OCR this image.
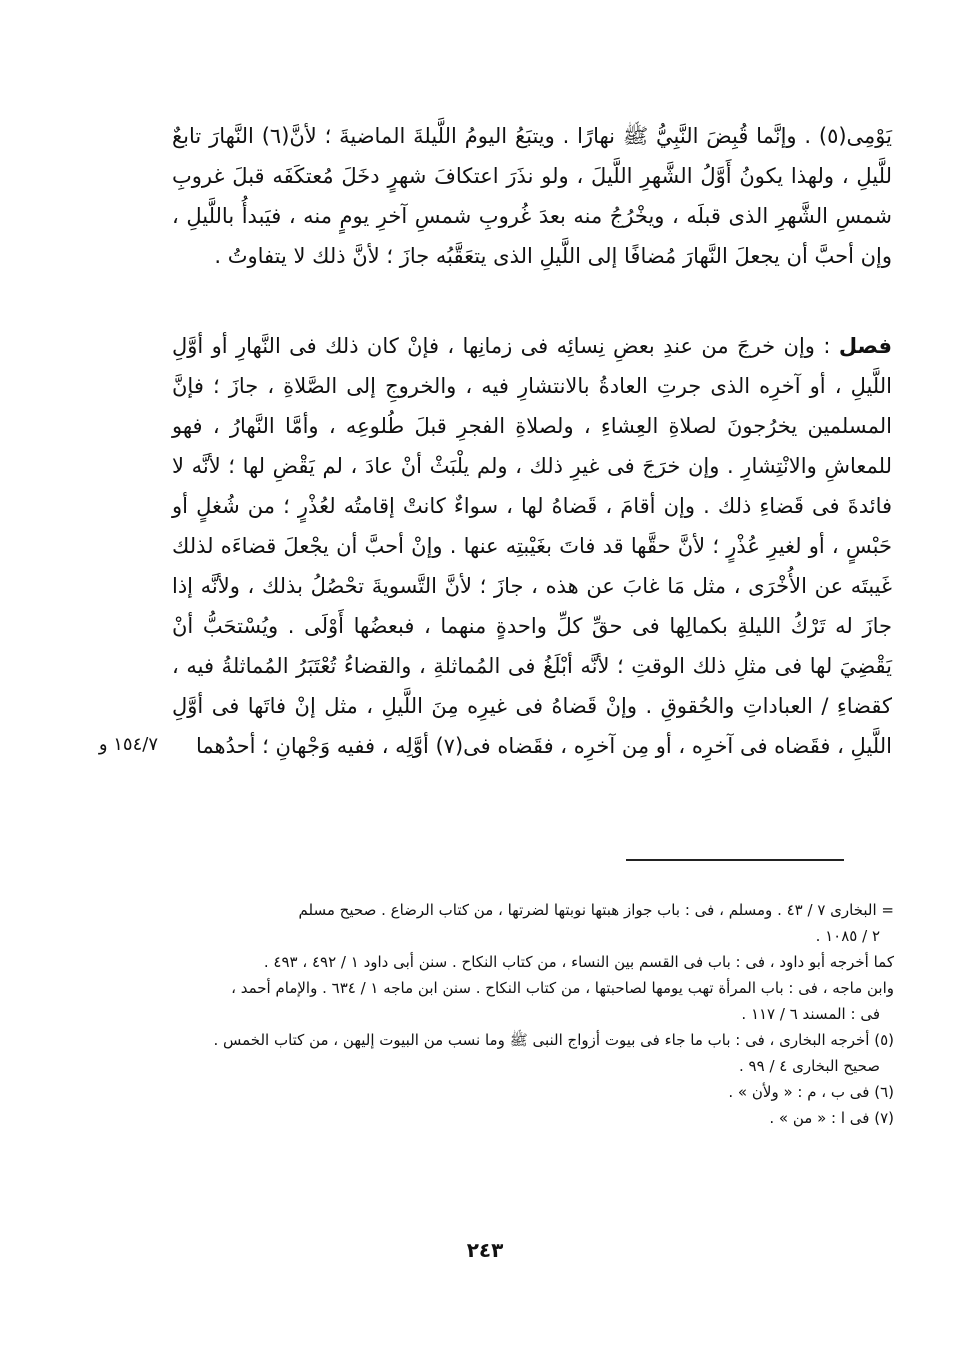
يَوْمِى(٥) . وإنَّما قُبِضَ النَّبِيُّ ﷺ نهارًا . ويتبَعُ اليومُ اللَّيلةَ الماضيةَ ؛ لأنَّ(٦) النَّهارَ تابعٌ للَّيلِ ، ولهذا يكونُ أَوَّلُ الشَّهرِ اللَّيلَ ، ولو نذَرَ اعتكافَ شهرٍ دخَلَ مُعتكَفَه قبلَ غروبِ شمسِ الشَّهرِ الذى قبلَه ، ويخْرُجُ منه بعدَ غُروبِ شمسِ آخرِ يومٍ منه ، فيَبدأُ باللَّيلِ ، وإن أحبَّ أن يجعلَ النَّهارَ مُضافًا إلى اللَّيلِ الذى يتعَقَّبُه جازَ ؛ لأنَّ ذلك لا يتفاوتُ .

فصل : وإن خرجَ من عندِ بعضِ نِسائِه فى زمانِها ، فإنْ كان ذلك فى النَّهارِ أو أوَّلِ اللَّيلِ ، أو آخرِه الذى جرتِ العادةُ بالانتشارِ فيه ، والخروجِ إلى الصَّلاةِ ، جازَ ؛ فإنَّ المسلمين يخرُجونَ لصلاةِ العِشاءِ ، ولصلاةِ الفجرِ قبلَ طُلوعِه ، وأمَّا النَّهارُ ، فهو للمعاشِ والانْتِشارِ . وإن خرَجَ فى غيرِ ذلك ، ولم يلْبَثْ أنْ عادَ ، لم يَقْضِ لها ؛ لأنَّه لا فائدةَ فى قَضاءِ ذلك . وإن أقامَ ، قَضاهُ لها ، سواءٌ كانتْ إقامتُه لعُذْرٍ ؛ من شُغلٍ أو حَبْسٍ ، أو لغيرِ عُذْرٍ ؛ لأنَّ حقَّها قد فاتَ بغَيْبتِه عنها . وإنْ أحبَّ أن يجْعلَ قضاءَه لذلك غَيبتَه عن الأُخْرَى ، مثل مَا غابَ عن هذه ، جازَ ؛ لأنَّ التَّسويةَ تحْصُلُ بذلك ، ولأنَّه إذا جازَ له تَرْكُ الليلةِ بكمالِها فى حقِّ كلِّ واحدةٍ منهما ، فبعضُها أَوْلَى . ويُسْتحَبُّ أنْ يَقْضِيَ لها فى مثلِ ذلك الوقتِ ؛ لأنَّه أبْلَغُ فى المُماثلةِ ، والقضاءُ تُعْتَبَرُ المُماثلةُ فيه ، كقضاءِ / العباداتِ والحُقوقِ . وإنْ قَضاهُ فى غيرِه مِنَ اللَّيلِ ، مثل إنْ فاتَها فى أوَّلِ اللَّيلِ ، فقَضاه فى آخرِه ، أو مِن آخرِه ، فقَضاه فى(٧) أوَّلِه ، ففيه وَجْهانِ ؛ أحدُهما

١٥٤/٧ و

= البخارى ٧ / ٤٣ . ومسلم ، فى : باب جواز هبتها نوبتها لضرتها ، من كتاب الرضاع . صحيح مسلم

٢ / ١٠٨٥ .

كما أخرجه أبو داود ، فى : باب فى القسم بين النساء ، من كتاب النكاح . سنن أبى داود ١ / ٤٩٢ ، ٤٩٣ .

وابن ماجه ، فى : باب المرأة تهب يومها لصاحبتها ، من كتاب النكاح . سنن ابن ماجه ١ / ٦٣٤ . والإمام أحمد ،

فى : المسند ٦ / ١١٧ .

(٥) أخرجه البخارى ، فى : باب ما جاء فى بيوت أزواج النبى ﷺ وما نسب من البيوت إليهن ، من كتاب الخمس .

صحيح البخارى ٤ / ٩٩ .

(٦) فى ب ، م : « ولأن » .

(٧) فى ا : « من » .

٢٤٣
